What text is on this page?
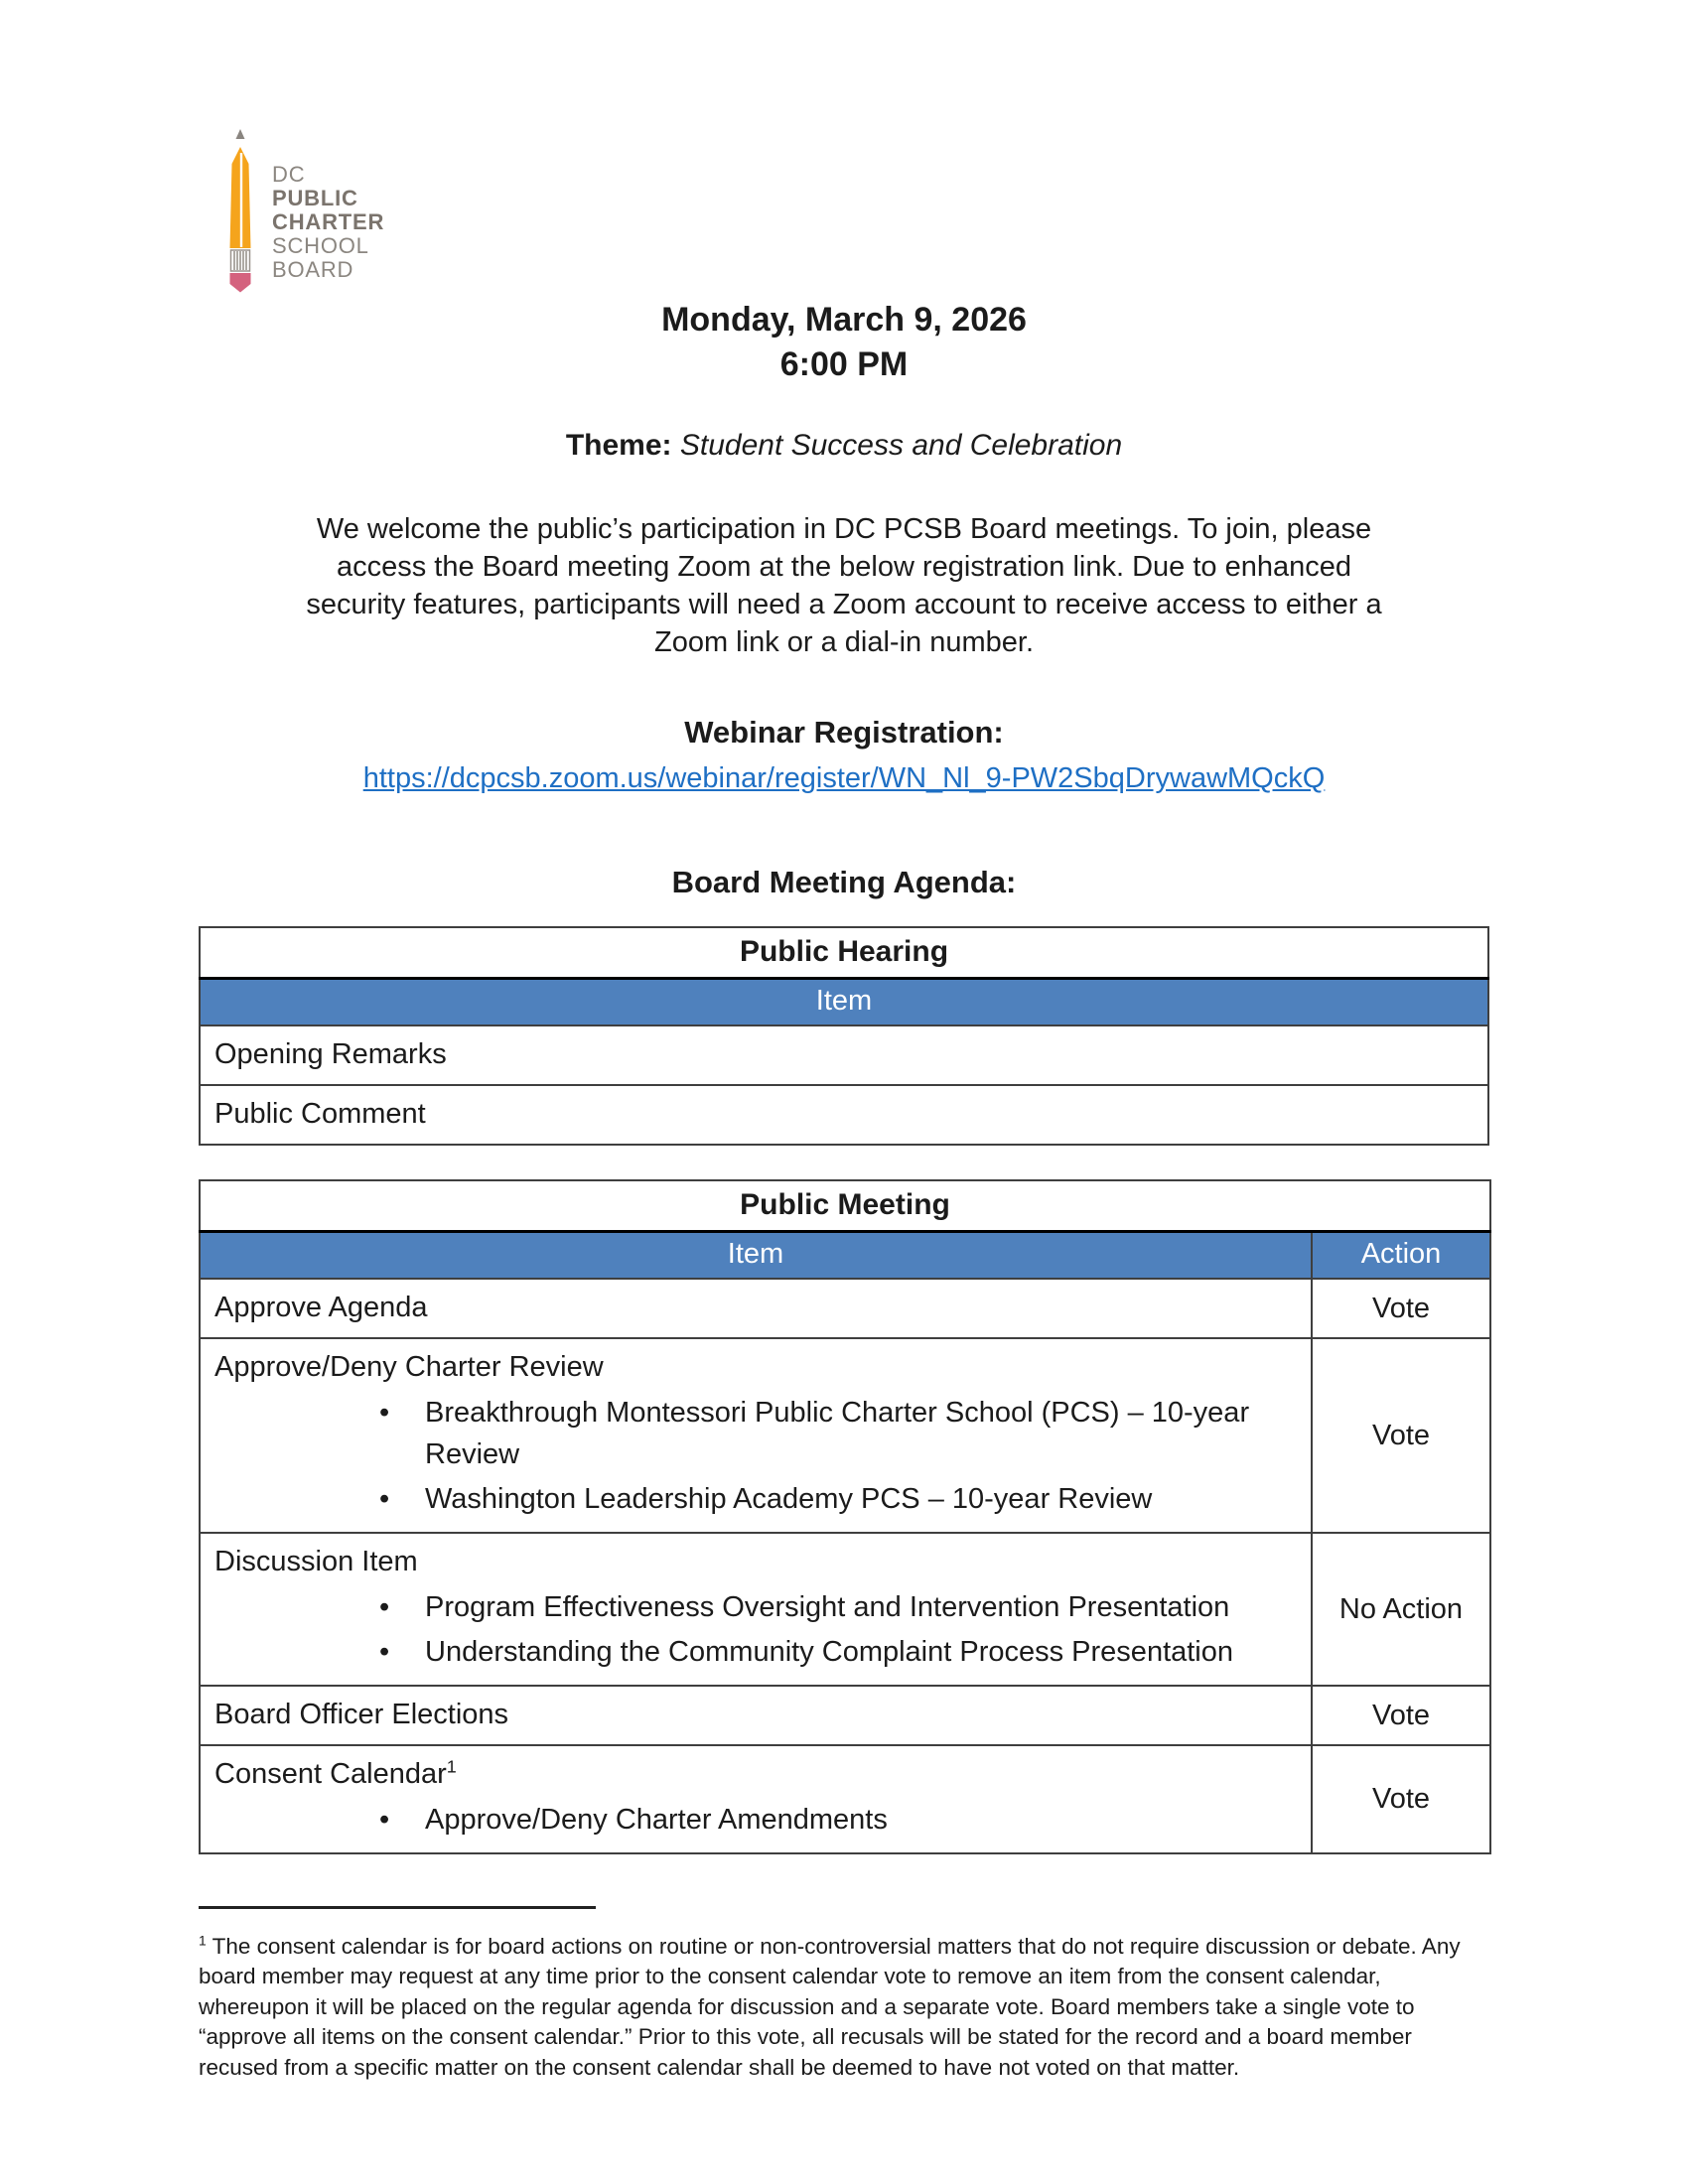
DC
PUBLIC
CHARTER
SCHOOL
BOARD
Monday, March 9, 2026
6:00 PM
Theme: Student Success and Celebration

We welcome the public’s participation in DC PCSB Board meetings. To join, please
access the Board meeting Zoom at the below registration link. Due to enhanced
security features, participants will need a Zoom account to receive access to either a
Zoom link or a dial-in number.

Webinar Registration:
https://dcpcsb.zoom.us/webinar/register/WN_Nl_9-PW2SbqDrywawMQckQ
Board Meeting Agenda:
Public Hearing
Item
Opening Remarks
Public Comment
Public Meeting	
Item	Action

Approve Agenda	Vote

Approve/Deny Charter Review
• Breakthrough Montessori Public Charter School (PCS) – 10-year Review
• Washington Leadership Academy PCS – 10-year Review
	Vote

Discussion Item
• Program Effectiveness Oversight and Intervention Presentation
• Understanding the Community Complaint Process Presentation
	No Action

Board Officer Elections	Vote

Consent Calendar$^1$
• Approve/Deny Charter Amendments
	Vote

$^1$ The consent calendar is for board actions on routine or non-controversial matters that do not require discussion or debate. Any board member may request at any time prior to the consent calendar vote to remove an item from the consent calendar, whereupon it will be placed on the regular agenda for discussion and a separate vote. Board members take a single vote to “approve all items on the consent calendar.” Prior to this vote, all recusals will be stated for the record and a board member recused from a specific matter on the consent calendar shall be deemed to have not voted on that matter.
